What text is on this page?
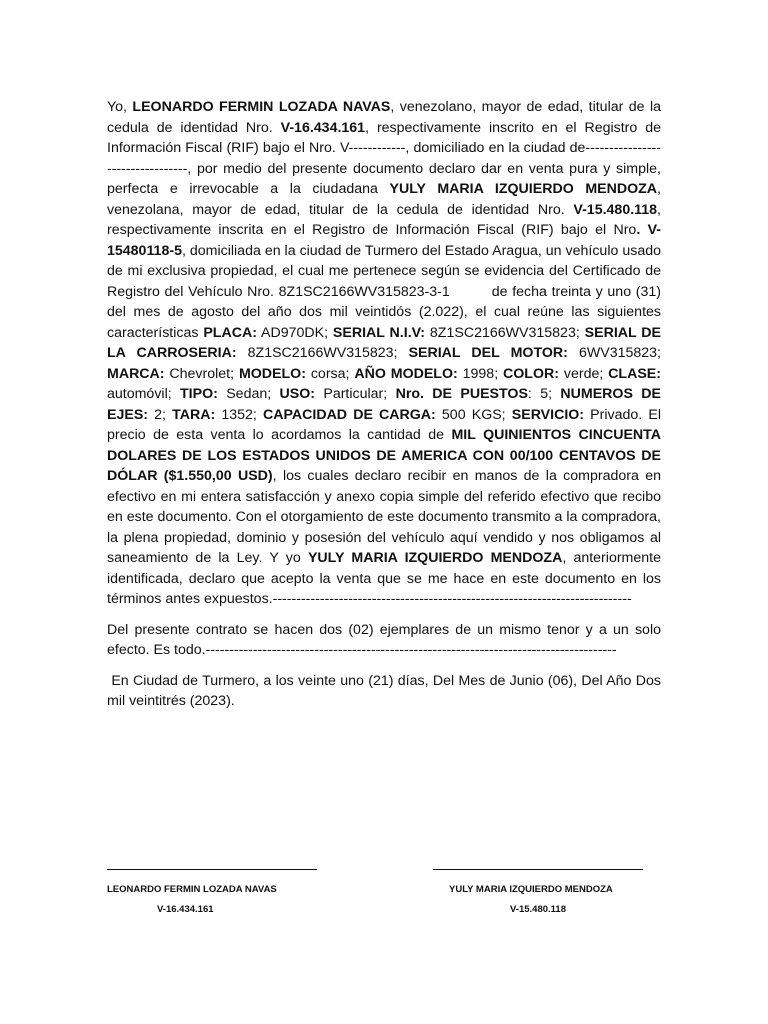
Yo, LEONARDO FERMIN LOZADA NAVAS, venezolano, mayor de edad, titular de la cedula de identidad Nro. V-16.434.161, respectivamente inscrito en el Registro de Información Fiscal (RIF) bajo el Nro. V------------, domiciliado en la ciudad de---------------------------------, por medio del presente documento declaro dar en venta pura y simple, perfecta e irrevocable a la ciudadana YULY MARIA IZQUIERDO MENDOZA, venezolana, mayor de edad, titular de la cedula de identidad Nro. V-15.480.118, respectivamente inscrita en el Registro de Información Fiscal (RIF) bajo el Nro. V-15480118-5, domiciliada en la ciudad de Turmero del Estado Aragua, un vehículo usado de mi exclusiva propiedad, el cual me pertenece según se evidencia del Certificado de Registro del Vehículo Nro. 8Z1SC2166WV315823-3-1         de fecha treinta y uno (31) del mes de agosto del año dos mil veintidós (2.022), el cual reúne las siguientes características PLACA: AD970DK; SERIAL N.I.V: 8Z1SC2166WV315823; SERIAL DE LA CARROSERIA: 8Z1SC2166WV315823; SERIAL DEL MOTOR: 6WV315823; MARCA: Chevrolet; MODELO: corsa; AÑO MODELO: 1998; COLOR: verde; CLASE: automóvil; TIPO: Sedan; USO: Particular; Nro. DE PUESTOS: 5; NUMEROS DE EJES: 2; TARA: 1352; CAPACIDAD DE CARGA: 500 KGS; SERVICIO: Privado. El precio de esta venta lo acordamos la cantidad de MIL QUINIENTOS CINCUENTA DOLARES DE LOS ESTADOS UNIDOS DE AMERICA CON 00/100 CENTAVOS DE DÓLAR ($1.550,00 USD), los cuales declaro recibir en manos de la compradora en efectivo en mi entera satisfacción y anexo copia simple del referido efectivo que recibo en este documento. Con el otorgamiento de este documento transmito a la compradora, la plena propiedad, dominio y posesión del vehículo aquí vendido y nos obligamos al saneamiento de la Ley. Y yo YULY MARIA IZQUIERDO MENDOZA, anteriormente identificada, declaro que acepto la venta que se me hace en este documento en los términos antes expuestos.----------------------------------------------------------------------------

Del presente contrato se hacen dos (02) ejemplares de un mismo tenor y a un solo efecto. Es todo.---------------------------------------------------------------------------------------

En Ciudad de Turmero, a los veinte uno (21) días, Del Mes de Junio (06), Del Año Dos mil veintitrés (2023).

LEONARDO FERMIN LOZADA NAVAS
V-16.434.161
YULY MARIA IZQUIERDO MENDOZA
V-15.480.118
